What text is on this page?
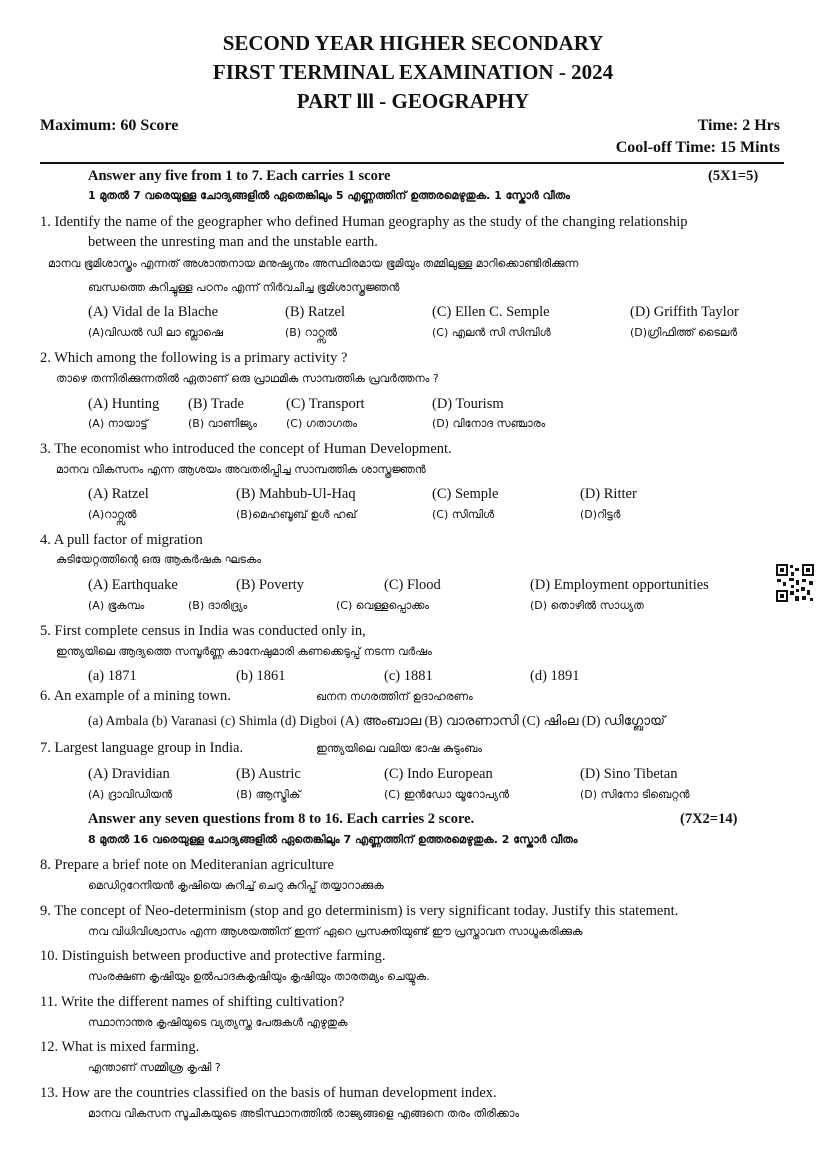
SECOND YEAR HIGHER SECONDARY
FIRST TERMINAL EXAMINATION - 2024
PART lll - GEOGRAPHY
Maximum: 60 Score	Time: 2 Hrs
Cool-off Time: 15 Mints
Answer any five from 1 to 7. Each carries 1 score	(5X1=5)
1 മുതൽ 7 വരെയുള്ള ചോദ്യങ്ങളിൽ ഏതെങ്കിലും 5 എണ്ണത്തിന് ഉത്തരമെഴുതുക. 1 സ്കോർ വീതം
1. Identify the name of the geographer who defined Human geography as the study of the changing relationship
between the unresting man and the unstable earth.
മാനവ ഭൂമിശാസ്ത്രം എന്നത് അശാന്തനായ മനുഷ്യനും അസ്ഥിരമായ ഭൂമിയും തമ്മിലുള്ള മാറിക്കൊണ്ടിരിക്കുന്ന
ബന്ധത്തെ കുറിച്ചുള്ള പഠനം എന്ന് നിർവചിച്ച ഭൂമിശാസ്ത്രജ്ഞൻ
(A) Vidal de la Blache	(B) Ratzel	(C) Ellen C. Semple	(D) Griffith Taylor
(A)വിഡൽ ഡി ലാ ബ്ലാഷെ	(B) റാറ്റ്സൽ	(C) എലൻ സി സിമ്പിൾ	(D)ഗ്രിഫിത്ത് ടൈലർ
2. Which among the following is a primary activity ?
താഴെ തന്നിരിക്കുന്നതിൽ ഏതാണ് ഒരു പ്രാഥമിക സാമ്പത്തിക പ്രവർത്തനം ?
(A) Hunting (B) Trade	(C) Transport	(D) Tourism
(A) നായാട്ട്	(B) വാണിജ്യം	(C) ഗതാഗതം	(D) വിനോദ സഞ്ചാരം
3. The economist who introduced the concept of Human Development.
മാനവ വികസനം എന്ന ആശയം അവതരിപ്പിച്ച സാമ്പത്തിക ശാസ്ത്രജ്ഞൻ
(A) Ratzel	(B) Mahbub-Ul-Haq	(C) Semple	(D) Ritter
(A)റാറ്റ്സൽ	(B)മെഹബൂബ് ഉൾ ഹഖ്	(C) സിമ്പിൾ	(D)റിട്ടർ
4. A pull factor of migration
കുടിയേറ്റത്തിന്റെ ഒരു ആകർഷക ഘടകം
(A) Earthquake	(B) Poverty	(C) Flood	(D) Employment opportunities
(A) ഭൂകമ്പം	(B) ദാരിദ്ര്യം	(C) വെള്ളപ്പൊക്കം	(D) തൊഴിൽ സാധ്യത
5. First complete census in India was conducted only in,
ഇന്ത്യയിലെ ആദ്യത്തെ സമ്പൂർണ്ണ കാനേഷുമാരി കണക്കെടുപ്പ് നടന്ന വർഷം
(a) 1871	(b) 1861	(c) 1881	(d) 1891
6. An example of a mining town.	ഖനന നഗരത്തിന് ഉദാഹരണം
(a) Ambala (b) Varanasi (c) Shimla (d) Digboi (A) അംബാല (B) വാരണാസി (C) ഷിംല (D) ഡിഗ്ബോയ്
7. Largest language group in India.	ഇന്ത്യയിലെ വലിയ ഭാഷ കുടുംബം
(A) Dravidian	(B) Austric	(C) Indo European	(D) Sino Tibetan
(A) ദ്രാവിഡിയൻ	(B) ആസ്ട്രിക്	(C) ഇൻഡോ യൂറോപ്യൻ	(D) സിനോ ടിബെറ്റൻ
Answer any seven questions from 8 to 16. Each carries 2 score.	(7X2=14)
8 മുതൽ 16 വരെയുള്ള ചോദ്യങ്ങളിൽ ഏതെങ്കിലും 7 എണ്ണത്തിന് ഉത്തരമെഴുതുക. 2 സ്കോർ വീതം
8. Prepare a brief note on Mediteranian agriculture
മെഡിറ്ററേനിയൻ കൃഷിയെ കുറിച്ച് ചെറു കുറിപ്പ് തയ്യാറാക്കുക
9. The concept of Neo-determinism (stop and go determinism) is very significant today. Justify this statement.
നവ വിധിവിശ്വാസം എന്ന ആശയത്തിന് ഇന്ന് ഏറെ പ്രസക്തിയുണ്ട് ഈ പ്രസ്താവന സാധൂകരിക്കുക
10. Distinguish between productive and protective farming.
സംരക്ഷണ കൃഷിയും ഉൽപാദകകൃഷിയും കൃഷിയും താരതമ്യം ചെയ്യുക.
11. Write the different names of shifting cultivation?
സ്ഥാനാന്തര കൃഷിയുടെ വ്യത്യസ്ത പേരുകൾ എഴുതുക
12. What is mixed farming.
എന്താണ് സമ്മിശ്ര കൃഷി ?
13. How are the countries classified on the basis of human development index.
മാനവ വികസന സൂചികയുടെ അടിസ്ഥാനത്തിൽ രാജ്യങ്ങളെ എങ്ങനെ തരം തിരിക്കാം
